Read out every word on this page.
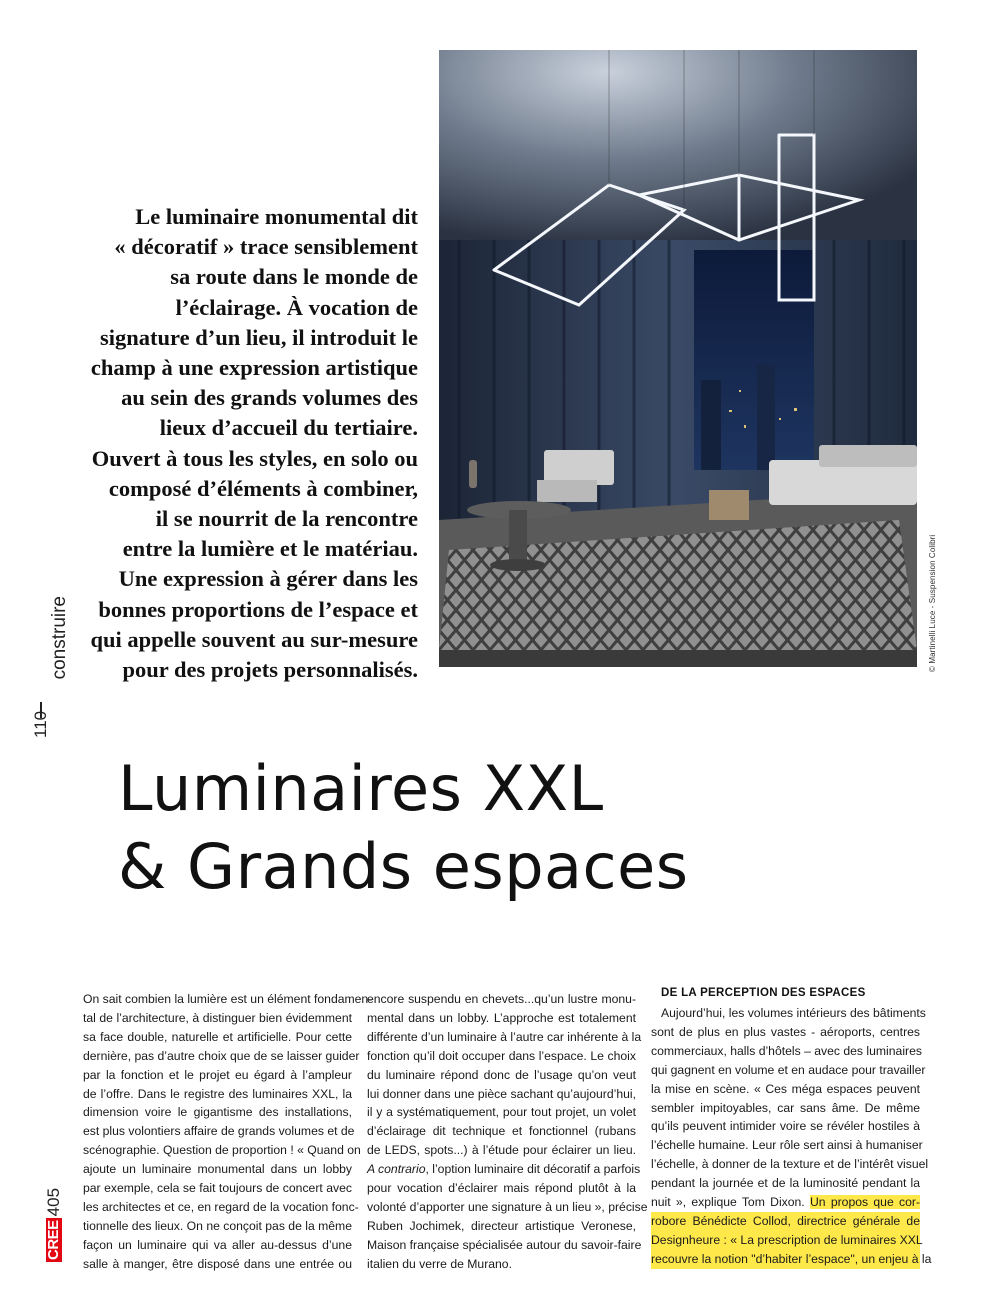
Le luminaire monumental dit
« décoratif » trace sensiblement
sa route dans le monde de
l’éclairage. À vocation de
signature d’un lieu, il introduit le
champ à une expression artistique
au sein des grands volumes des
lieux d’accueil du tertiaire.
Ouvert à tous les styles, en solo ou
composé d’éléments à combiner,
il se nourrit de la rencontre
entre la lumière et le matériau.
Une expression à gérer dans les
bonnes proportions de l’espace et
qui appelle souvent au sur-mesure
pour des projets personnalisés.	© Martinelli Luce - Suspension Colibri
construire
110
CREE
405
Luminaires XXL
& Grands espaces
On sait combien la lumière est un élément fondamen-
tal de l’architecture, à distinguer bien évidemment
sa face double, naturelle et artificielle. Pour cette
dernière, pas d’autre choix que de se laisser guider
par la fonction et le projet eu égard à l’ampleur
de l’offre. Dans le registre des luminaires XXL, la
dimension voire le gigantisme des installations,
est plus volontiers affaire de grands volumes et de
scénographie. Question de proportion ! « Quand on
ajoute un luminaire monumental dans un lobby
par exemple, cela se fait toujours de concert avec
les architectes et ce, en regard de la vocation fonc-
tionnelle des lieux. On ne conçoit pas de la même
façon un luminaire qui va aller au-dessus d’une
salle à manger, être disposé dans une entrée ou
encore suspendu en chevets...qu’un lustre monu-
mental dans un lobby. L’approche est totalement
différente d’un luminaire à l’autre car inhérente à la
fonction qu’il doit occuper dans l’espace. Le choix
du luminaire répond donc de l’usage qu’on veut
lui donner dans une pièce sachant qu’aujourd’hui,
il y a systématiquement, pour tout projet, un volet
d’éclairage dit technique et fonctionnel (rubans
de LEDS, spots...) à l’étude pour éclairer un lieu.
A contrario, l’option luminaire dit décoratif a parfois
pour vocation d’éclairer mais répond plutôt à la
volonté d’apporter une signature à un lieu », précise
Ruben Jochimek, directeur artistique Veronese,
Maison française spécialisée autour du savoir-faire
italien du verre de Murano.
DE LA PERCEPTION DES ESPACES
Aujourd’hui, les volumes intérieurs des bâtiments
sont de plus en plus vastes - aéroports, centres
commerciaux, halls d’hôtels – avec des luminaires
qui gagnent en volume et en audace pour travailler
la mise en scène. « Ces méga espaces peuvent
sembler impitoyables, car sans âme. De même
qu’ils peuvent intimider voire se révéler hostiles à
l’échelle humaine. Leur rôle sert ainsi à humaniser
l’échelle, à donner de la texture et de l’intérêt visuel
pendant la journée et de la luminosité pendant la
nuit », explique Tom Dixon. Un propos que cor-
robore Bénédicte Collod, directrice générale de
Designheure : « La prescription de luminaires XXL
recouvre la notion "d’habiter l’espace", un enjeu à la
